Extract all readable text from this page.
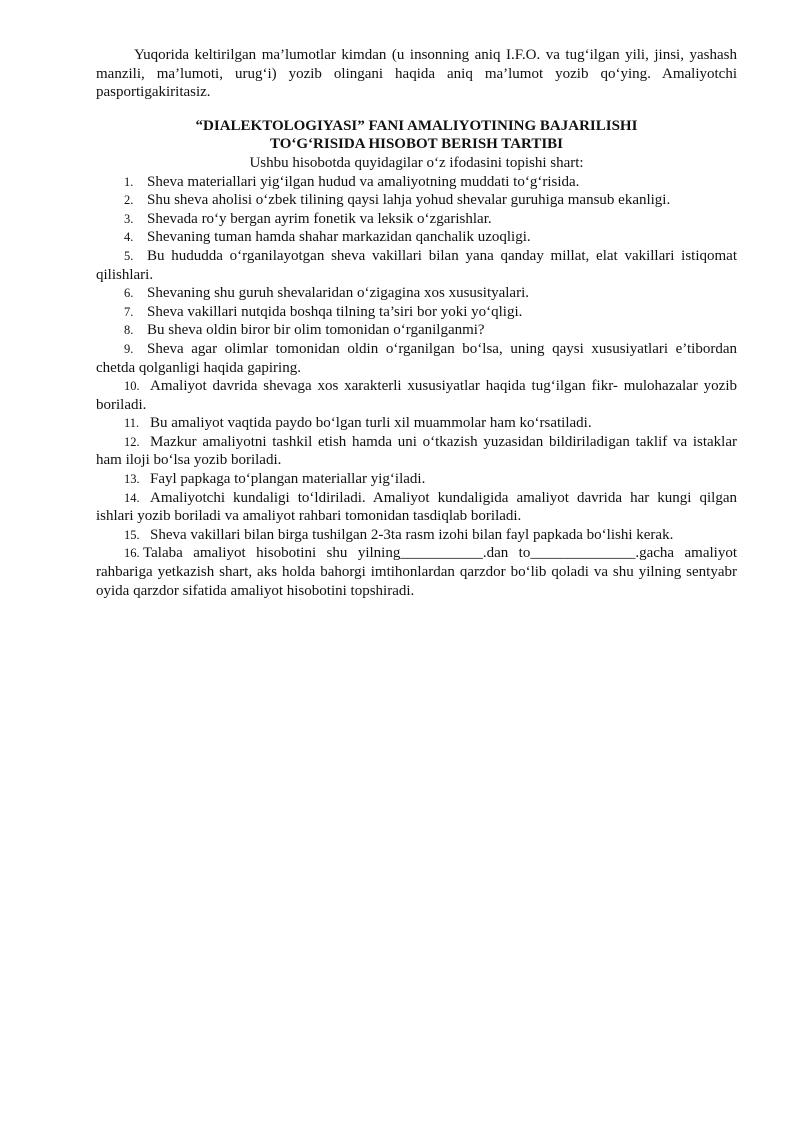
Yuqorida keltirilgan ma’lumotlar kimdan (u insonning aniq I.F.O. va tug‘ilgan yili, jinsi, yashash manzili, ma’lumoti, urug‘i) yozib olingani haqida aniq ma’lumot yozib qo‘ying. Amaliyotchi pasportigakiritasiz.

“DIALEKTOLOGIYASI” FANI AMALIYOTINING BAJARILISHI
TO‘G‘RISIDA HISOBOT BERISH TARTIBI
Ushbu hisobotda quyidagilar o‘z ifodasini topishi shart:
1. Sheva materiallari yig‘ilgan hudud va amaliyotning muddati to‘g‘risida.
2. Shu sheva aholisi o‘zbek tilining qaysi lahja yohud shevalar guruhiga mansub ekanligi.
3. Shevada ro‘y bergan ayrim fonetik va leksik o‘zgarishlar.
4. Shevaning tuman hamda shahar markazidan qanchalik uzoqligi.
5. Bu hududda o‘rganilayotgan sheva vakillari bilan yana qanday millat, elat vakillari istiqomat qilishlari.
6. Shevaning shu guruh shevalaridan o‘zigagina xos xususityalari.
7. Sheva vakillari nutqida boshqa tilning ta’siri bor yoki yo‘qligi.
8. Bu sheva oldin biror bir olim tomonidan o‘rganilganmi?
9. Sheva agar olimlar tomonidan oldin o‘rganilgan bo‘lsa, uning qaysi xususiyatlari e’tibordan chetda qolganligi haqida gapiring.
10. Amaliyot davrida shevaga xos xarakterli xususiyatlar haqida tug‘ilgan fikr- mulohazalar yozib boriladi.
11. Bu amaliyot vaqtida paydo bo‘lgan turli xil muammolar ham ko‘rsatiladi.
12. Mazkur amaliyotni tashkil etish hamda uni o‘tkazish yuzasidan bildiriladigan taklif va istaklar ham iloji bo‘lsa yozib boriladi.
13. Fayl papkaga to‘plangan materiallar yig‘iladi.
14. Amaliyotchi kundaligi to‘ldiriladi. Amaliyot kundaligida amaliyot davrida har kungi qilgan ishlari yozib boriladi va amaliyot rahbari tomonidan tasdiqlab boriladi.
15. Sheva vakillari bilan birga tushilgan 2-3ta rasm izohi bilan fayl papkada bo‘lishi kerak.
16. Talaba amaliyot hisobotini shu yilning___________.dan to______________.gacha amaliyot rahbariga yetkazish shart, aks holda bahorgi imtihonlardan qarzdor bo‘lib qoladi va shu yilning sentyabr oyida qarzdor sifatida amaliyot hisobotini topshiradi.
